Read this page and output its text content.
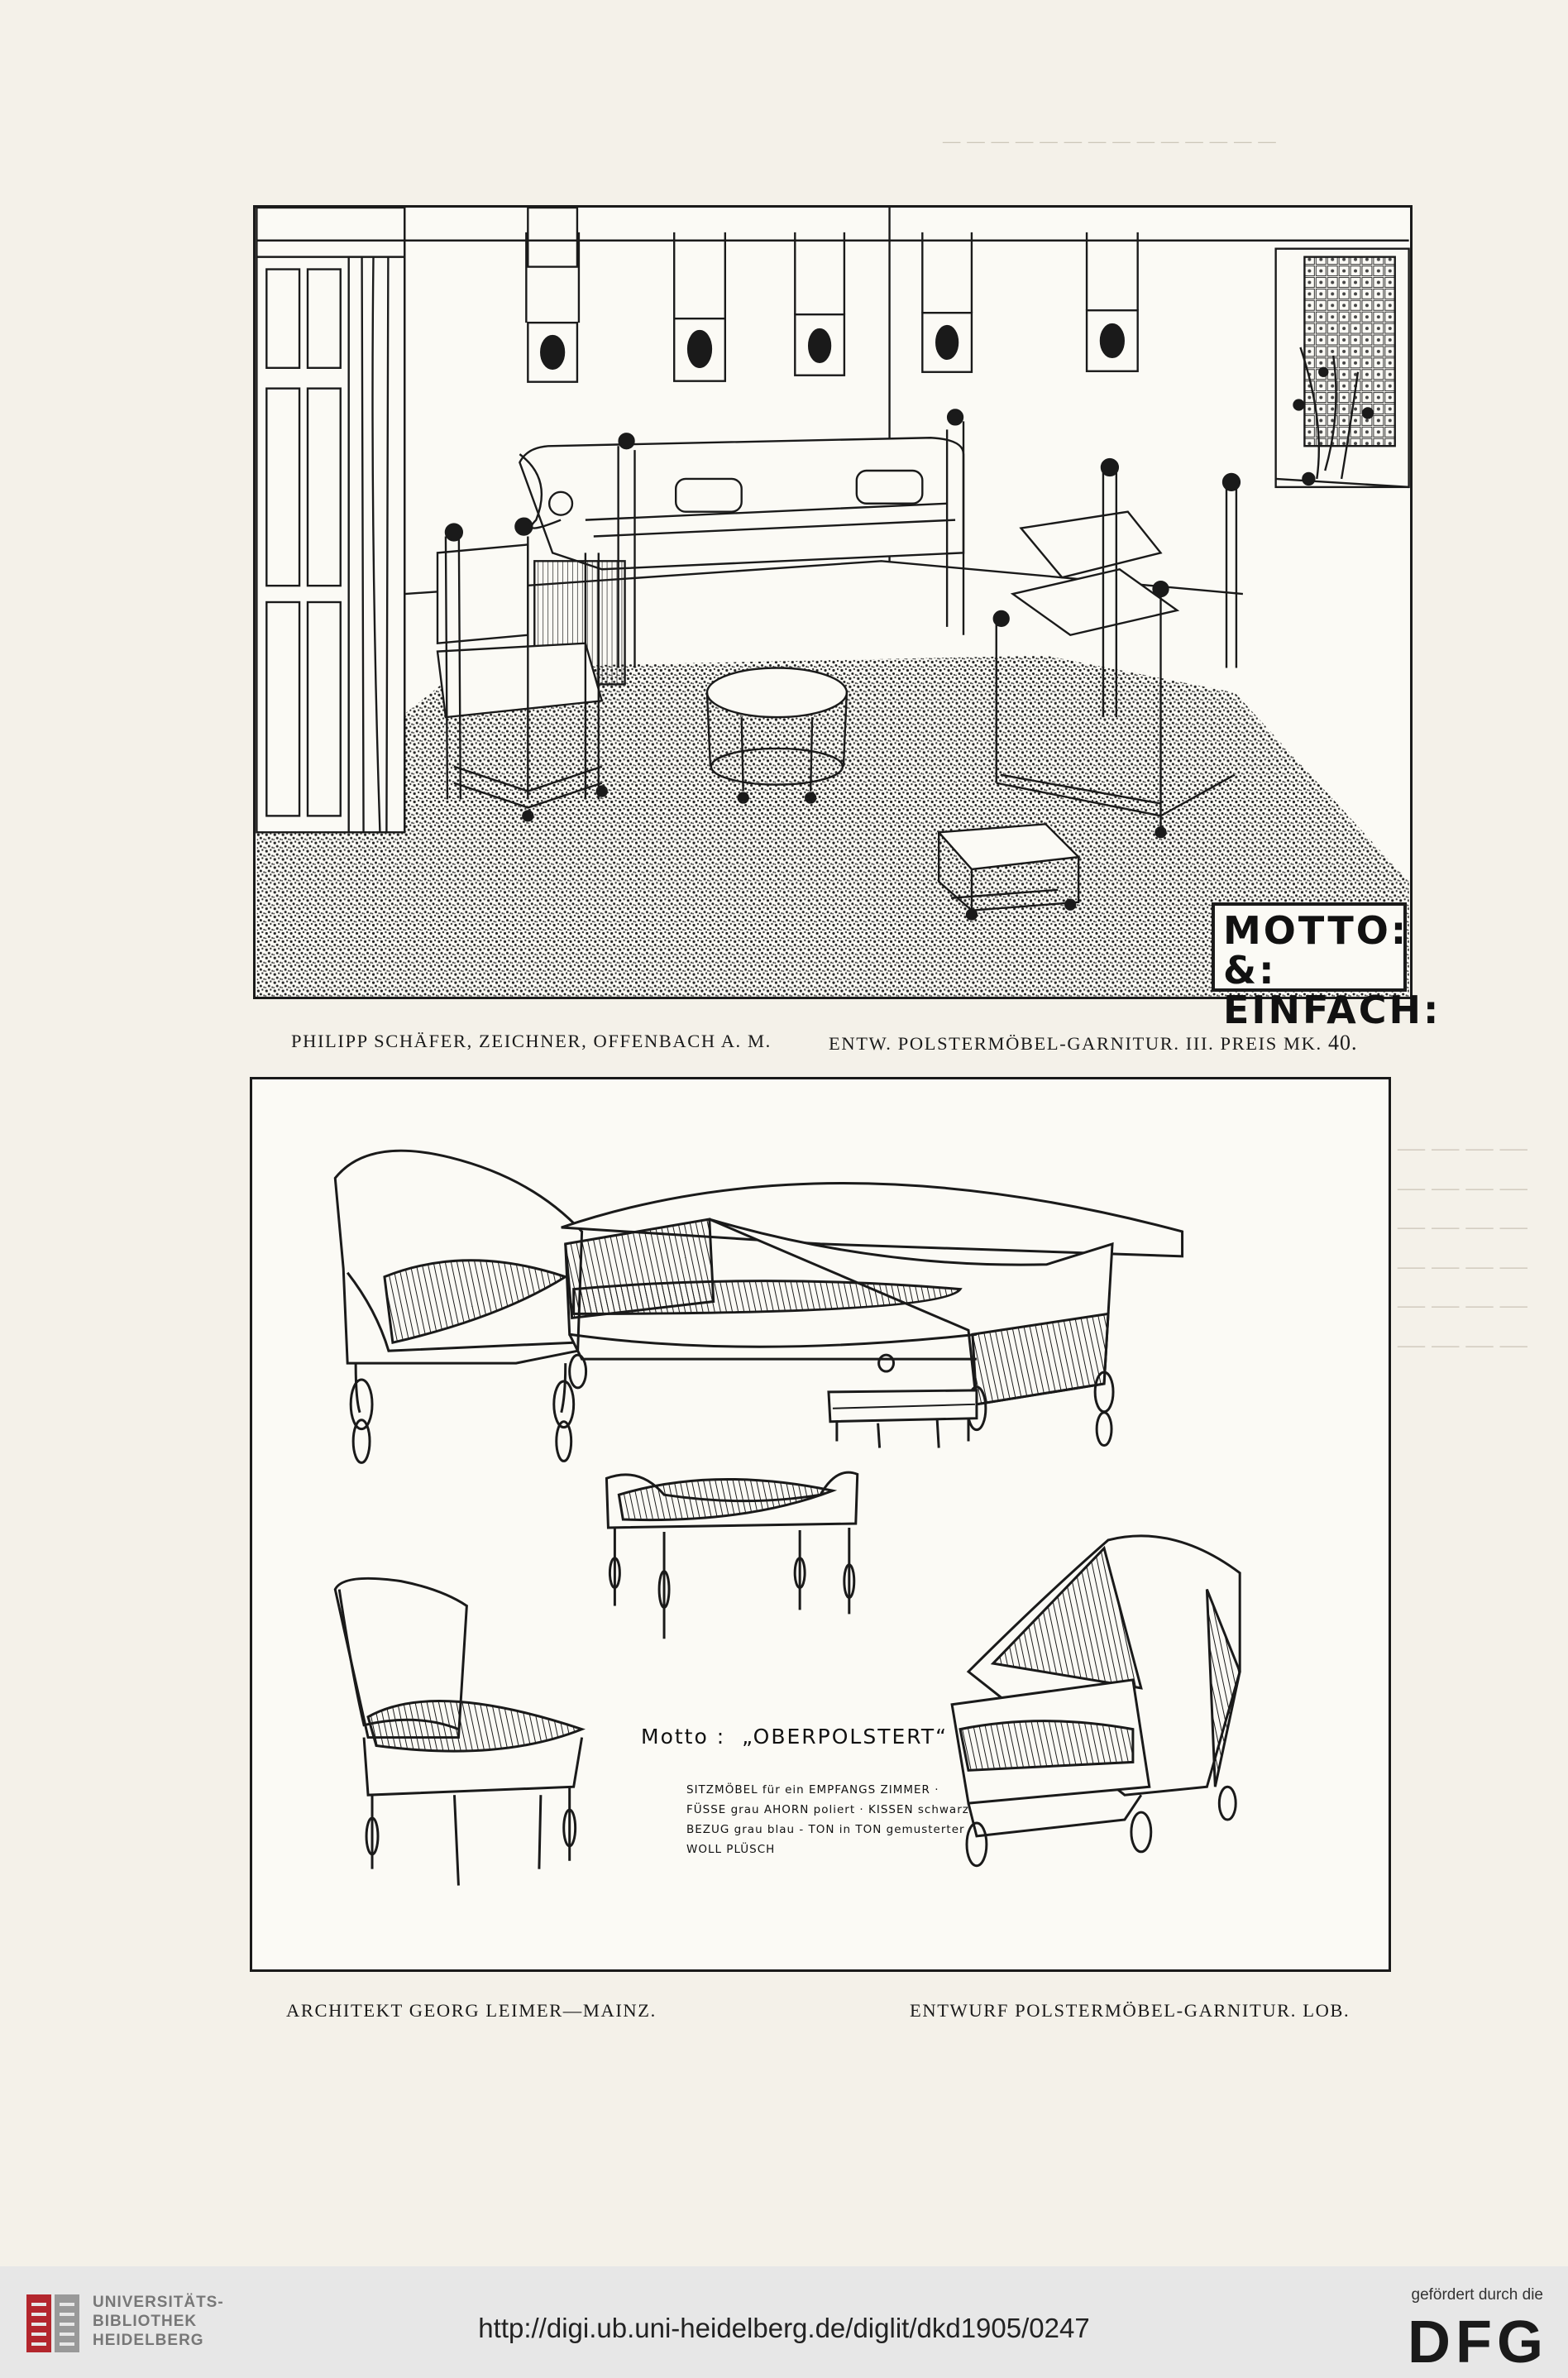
— — — — — — — — — — — — — —
MOTTO: &:
EINFACH:
PHILIPP SCHÄFER, ZEICHNER, OFFENBACH A. M.	ENTW. POLSTERMÖBEL-GARNITUR. III. PREIS MK. 40.

— — — —

— — — —

— — — —

— — — —

— — — —

— — — —

Motto : „OBERPOLSTERT“
SITZMÖBEL für ein EMPFANGS ZIMMER ·
FÜSSE grau AHORN poliert · KISSEN schwarz
BEZUG grau blau - TON in TON gemusterter
WOLL PLÜSCH
ARCHITEKT GEORG LEIMER—MAINZ.	ENTWURF POLSTERMÖBEL-GARNITUR. LOB.
UNIVERSITÄTS-
BIBLIOTHEK
HEIDELBERG	http://digi.ub.uni-heidelberg.de/diglit/dkd1905/0247
gefördert durch die
DFG
